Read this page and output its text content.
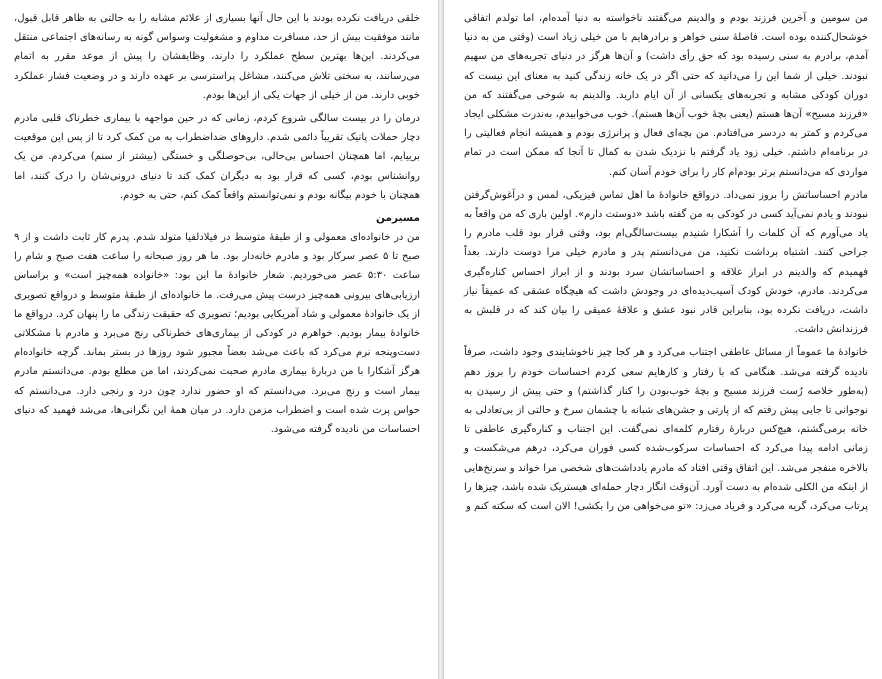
خلقی دریافت نکرده بودند با این حال آنها بسیاری از علائم مشابه را به حالتی به ظاهر قابل قبول، مانند موفقیت بیش از حد، مسافرت مداوم و مشغولیت وسواس گونه به رسانه‌های اجتماعی منتقل می‌کردند. این‌ها بهترین سطح عملکرد را دارند، وظایفشان را پیش از موعد مقرر به اتمام می‌رسانند، به سختی تلاش می‌کنند، مشاغل پراسترسی بر عهده دارند و در وضعیت فشار عملکرد خوبی دارند. من از خیلی از جهات یکی از این‌ها بودم.

درمان را در بیست سالگی شروع کردم، زمانی که در حین مواجهه با بیماری خطرناک قلبی مادرم دچار حملات پانیک تقریباً دائمی شدم. داروهای ضداضطراب به من کمک کرد تا از پس این موقعیت برییایم، اما همچنان احساس بی‌حالی، بی‌حوصلگی و خستگی (بیشتر از سنم) می‌کردم. من یک روانشناس بودم، کسی که قرار بود به دیگران کمک کند تا دنیای درونی‌شان را درک کنند، اما همچنان با خودم بیگانه بودم و نمی‌توانستم واقعاً کمک کنم، حتی به خودم.

مسیرمن

من در خانواده‌ای معمولی و از طبقهٔ متوسط در فیلادلفیا متولد شدم. پدرم کار ثابت داشت و از ۹ صبح تا ۵ عصر سرکار بود و مادرم خانه‌دار بود. ما هر روز صبحانه را ساعت هفت صبح و شام را ساعت ۵:۳۰ عصر می‌خوردیم. شعار خانوادهٔ ما این بود: «خانواده همه‌چیز است» و براساس ارزیابی‌های بیرونی همه‌چیز درست پیش می‌رفت. ما خانواده‌ای از طبقهٔ متوسط و درواقع تصویری از یک خانوادهٔ معمولی و شاد آمریکایی بودیم؛ تصویری که حقیقت زندگی ما را پنهان کرد. درواقع ما خانوادهٔ بیمار بودیم. خواهرم در کودکی از بیماری‌های خطرناکی رنج می‌برد و مادرم با مشکلاتی دست‌وپنجه نرم می‌کرد که باعث می‌شد بعضاً مجبور شود روزها در بستر بماند. گرچه خانواده‌ام هرگز آشکارا با من دربارهٔ بیماری مادرم صحبت نمی‌کردند، اما من مطلع بودم. می‌دانستم مادرم بیمار است و رنج می‌برد. می‌دانستم که او حضور ندارد چون درد و رنجی دارد. می‌دانستم که حواس پرت شده است و اضطراب مزمن دارد. در میان همهٔ این نگرانی‌ها، می‌شد فهمید که دنیای احساسات من نادیده گرفته می‌شود.

من سومین و آخرین فرزند بودم و والدینم می‌گفتند ناخواسته به دنیا آمده‌ام، اما تولدم اتفاقی خوشحال‌کننده بوده است. فاصلهٔ سنی خواهر و برادرهایم با من خیلی زیاد است (وقتی من به دنیا آمدم، برادرم به سنی رسیده بود که حق رأی داشت) و آن‌ها هرگز در دنیای تجربه‌های من سهیم نبودند. خیلی از شما این را می‌دانید که حتی اگر در یک خانه زندگی کنید به معنای این نیست که دوران کودکی مشابه و تجربه‌های یکسانی از آن ایام دارید. والدینم به شوخی می‌گفتند که من «فرزند مسیح» آن‌ها هستم (یعنی بچهٔ خوب آن‌ها هستم). خوب می‌خوابیدم، به‌ندرت مشکلی ایجاد می‌کردم و کمتر به دردسر می‌افتادم. من بچه‌ای فعال و پرانرژی بودم و همیشه انجام فعالیتی را در برنامه‌ام داشتم. خیلی زود یاد گرفتم با نزدیک شدن به کمال تا آنجا که ممکن است در تمام مواردی که می‌دانستم برتر بودم‌ام کار را برای خودم آسان کنم.

مادرم احساساتش را بروز نمی‌داد. درواقع خانوادهٔ ما اهل تماس فیزیکی، لمس و درآغوش‌گرفتن نبودند و یادم نمی‌آید کسی در کودکی به من گفته باشد «دوستت دارم». اولین باری که من واقعاً به یاد می‌آورم که آن کلمات را آشکارا شنیدم بیست‌سالگی‌ام بود، وقتی قرار بود قلب مادرم را جراحی کنند. اشتباه برداشت نکنید، من می‌دانستم پدر و مادرم خیلی مرا دوست دارند. بعداً فهمیدم که والدینم در ابراز علاقه و احساساتشان سرد بودند و از ابراز احساس کناره‌گیری می‌کردند. مادرم، خودش کودک آسیب‌دیده‌ای در وجودش داشت که هیچگاه عشقی که عمیقاً نیاز داشت، دریافت نکرده بود، بنابراین قادر نبود عشق و علاقهٔ عمیقی را بیان کند که در قلبش به فرزندانش داشت.

خانوادهٔ ما عموماً از مسائل عاطفی اجتناب می‌کرد و هر کجا چیز ناخوشایندی وجود داشت، صرفاً نادیده گرفته می‌شد. هنگامی که با رفتار و کارهایم سعی کردم احساسات خودم را بروز دهم (به‌طور خلاصه رُست فرزند مسیح و بچهٔ خوب‌بودن را کنار گذاشتم) و حتی پیش از رسیدن به نوجوانی تا جایی پیش رفتم که از پارتی و جشن‌های شبانه با چشمان سرخ و حالتی از بی‌تعادلی به خانه برمی‌گشتم، هیچ‌کس دربارهٔ رفتارم کلمه‌ای نمی‌گفت. این اجتناب و کناره‌گیری عاطفی تا زمانی ادامه پیدا می‌کرد که احساسات سرکوب‌شده کسی فوران می‌کرد، درهم می‌شکست و بالاخره منفجر می‌شد. این اتفاق وقتی افتاد که مادرم یادداشت‌های شخصی مرا خواند و سرنخ‌هایی از اینکه من الکلی شده‌ام به دست آورد. آن‌وقت انگار دچار حمله‌ای هیستریک شده باشد، چیزها را پرتاب می‌کرد، گریه می‌کرد و فریاد می‌زد: «تو می‌خواهی من را بکشی! الان است که سکته کنم و
